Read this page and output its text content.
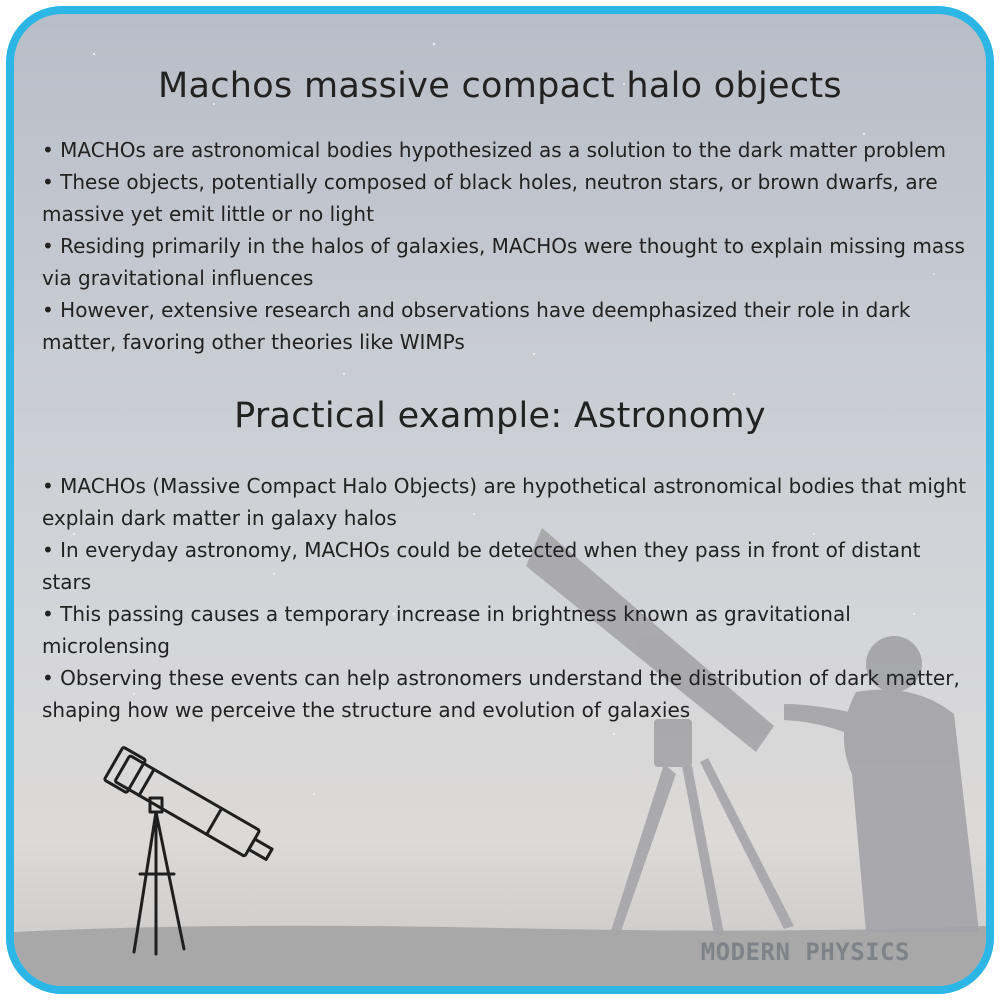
Machos massive compact halo objects
• MACHOs are astronomical bodies hypothesized as a solution to the dark matter problem
• These objects, potentially composed of black holes, neutron stars, or brown dwarfs, are massive yet emit little or no light
• Residing primarily in the halos of galaxies, MACHOs were thought to explain missing mass via gravitational influences
• However, extensive research and observations have deemphasized their role in dark matter, favoring other theories like WIMPs
Practical example: Astronomy
• MACHOs (Massive Compact Halo Objects) are hypothetical astronomical bodies that might explain dark matter in galaxy halos
• In everyday astronomy, MACHOs could be detected when they pass in front of distant stars
• This passing causes a temporary increase in brightness known as gravitational microlensing
• Observing these events can help astronomers understand the distribution of dark matter, shaping how we perceive the structure and evolution of galaxies
MODERN PHYSICS
